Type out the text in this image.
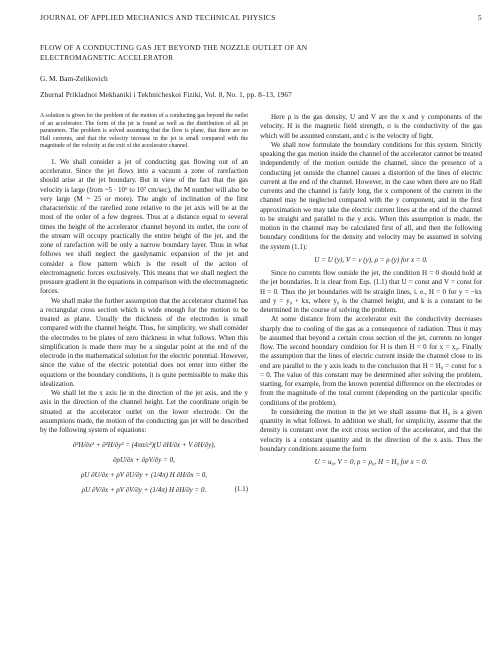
JOURNAL OF APPLIED MECHANICS AND TECHNICAL PHYSICS	5
FLOW OF A CONDUCTING GAS JET BEYOND THE NOZZLE OUTLET OF AN ELECTROMAGNETIC ACCELERATOR
G. M. Bam-Zelikovich
Zhurnal Prikladnoi Mekhaniki i Tekhnicheskoi Fiziki, Vol. 8, No. 1, pp. 8–13, 1967

A solution is given for the problem of the motion of a conducting gas beyond the outlet of an accelerator. The form of the jet is found as well as the distribution of all jet parameters. The problem is solved assuming that the flow is plane, that there are no Hall currents, and that the velocity increase in the jet is small compared with the magnitude of the velocity at the exit of the accelerator channel.

1. We shall consider a jet of conducting gas flowing out of an accelerator. Since the jet flows into a vacuum a zone of rarefaction should arise at the jet boundary. But in view of the fact that the gas velocity is large (from ~5 · 10⁶ to 10⁷ cm/sec), the M number will also be very large (M ~ 25 or more). The angle of inclination of the first characteristic of the rarefied zone relative to the jet axis will be at the most of the order of a few degrees. Thus at a distance equal to several times the height of the accelerator channel beyond its outlet, the core of the stream will occupy practically the entire height of the jet, and the zone of rarefaction will be only a narrow boundary layer. Thus in what follows we shall neglect the gasdynamic expansion of the jet and consider a flow pattern which is the result of the action of electromagnetic forces exclusively. This means that we shall neglect the pressure gradient in the equations in comparison with the electromagnetic forces.

We shall make the further assumption that the accelerator channel has a rectangular cross section which is wide enough for the motion to be treated as plane. Usually the thickness of the electrodes is small compared with the channel height. Thus, for simplicity, we shall consider the electrodes to be plates of zero thickness in what follows. When this simplification is made there may be a singular point at the end of the electrode in the mathematical solution for the electric potential. However, since the value of the electric potential does not enter into either the equations or the boundary conditions, it is quite permissible to make this idealization.

We shall let the x axis lie in the direction of the jet axis, and the y axis in the direction of the channel height. Let the coordinate origin be situated at the accelerator outlet on the lower electrode. On the assumptions made, the motion of the conducting gas jet will be described by the following system of equations:

∂²H/∂x² + ∂²H/∂y² = (4πσ/c²)(U ∂H/∂x + V ∂H/∂y),
∂ρU/∂x + ∂ρV/∂y = 0,
ρU ∂U/∂x + ρV ∂U/∂y + (1/4π) H ∂H/∂x = 0,
ρU ∂V/∂x + ρV ∂V/∂y + (1/4π) H ∂H/∂y = 0.	(1.1)

Here ρ is the gas density, U and V are the x and y components of the velocity, H is the magnetic field strength, σ is the conductivity of the gas which will be assumed constant, and c is the velocity of light.

We shall now formulate the boundary conditions for this system. Strictly speaking the gas motion inside the channel of the accelerator cannot be treated independently of the motion outside the channel, since the presence of a conducting jet outside the channel causes a distortion of the lines of electric current at the end of the channel. However, in the case when there are no Hall currents and the channel is fairly long, the x component of the current in the channel may be neglected compared with the y component, and in the first approximation we may take the electric current lines at the end of the channel to be straight and parallel to the y axis. When this assumption is made, the motion in the channel may be calculated first of all, and then the following boundary conditions for the density and velocity may be assumed in solving the system (1.1):

U = U (y), V = v (y), ρ = ρ (y) for x = 0.

Since no currents flow outside the jet, the condition H = 0 should hold at the jet boundaries. It is clear from Eqs. (1.1) that U = const and V = const for H = 0. Thus the jet boundaries will be straight lines, i. e., H = 0 for y = −kx and y = y₀ + kx, where y₀ is the channel height, and k is a constant to be determined in the course of solving the problem.

At some distance from the accelerator exit the conductivity decreases sharply due to cooling of the gas as a consequence of radiation. Thus it may be assumed that beyond a certain cross section of the jet, currents no longer flow. The second boundary condition for H is then H = 0 for x = x₀. Finally the assumption that the lines of electric current inside the channel close to its end are parallel to the y axis leads to the conclusion that H = H₀ = const for x = 0. The value of this constant may be determined after solving the problem, starting, for example, from the known potential difference on the electrodes or from the magnitude of the total current (depending on the particular specific conditions of the problem).

In considering the motion in the jet we shall assume that H₀ is a given quantity in what follows. In addition we shall, for simplicity, assume that the density is constant over the exit cross section of the accelerator, and that the velocity is a constant quantity and in the direction of the x axis. Thus the boundary conditions assume the form

U = u₀, V = 0, ρ = ρ₀, H = H₀ for x = 0.
